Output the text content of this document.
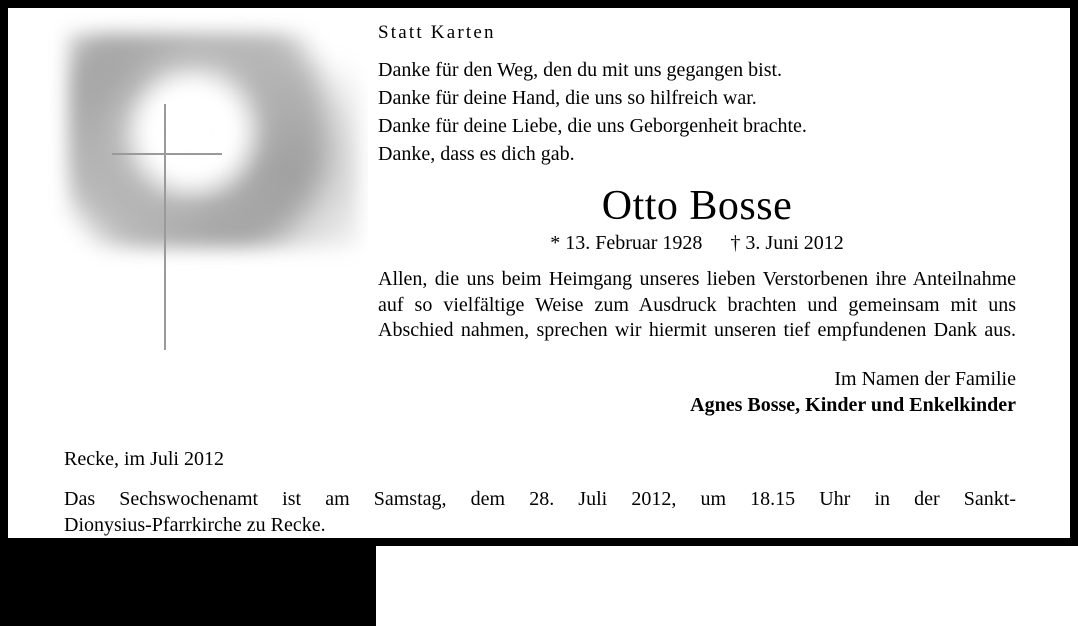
Statt Karten
Danke für den Weg, den du mit uns gegangen bist.
Danke für deine Hand, die uns so hilfreich war.
Danke für deine Liebe, die uns Geborgenheit brachte.
Danke, dass es dich gab.
Otto Bosse
* 13. Februar 1928 † 3. Juni 2012
Allen, die uns beim Heimgang unseres lieben Verstorbenen ihre Anteilnahme auf so vielfältige Weise zum Ausdruck brachten und gemeinsam mit uns Abschied nahmen, sprechen wir hiermit unseren tief empfundenen Dank aus.
Im Namen der Familie
Agnes Bosse, Kinder und Enkelkinder
Recke, im Juli 2012
Das Sechswochenamt ist am Samstag, dem 28. Juli 2012, um 18.15 Uhr in der Sankt-
Dionysius-Pfarrkirche zu Recke.
